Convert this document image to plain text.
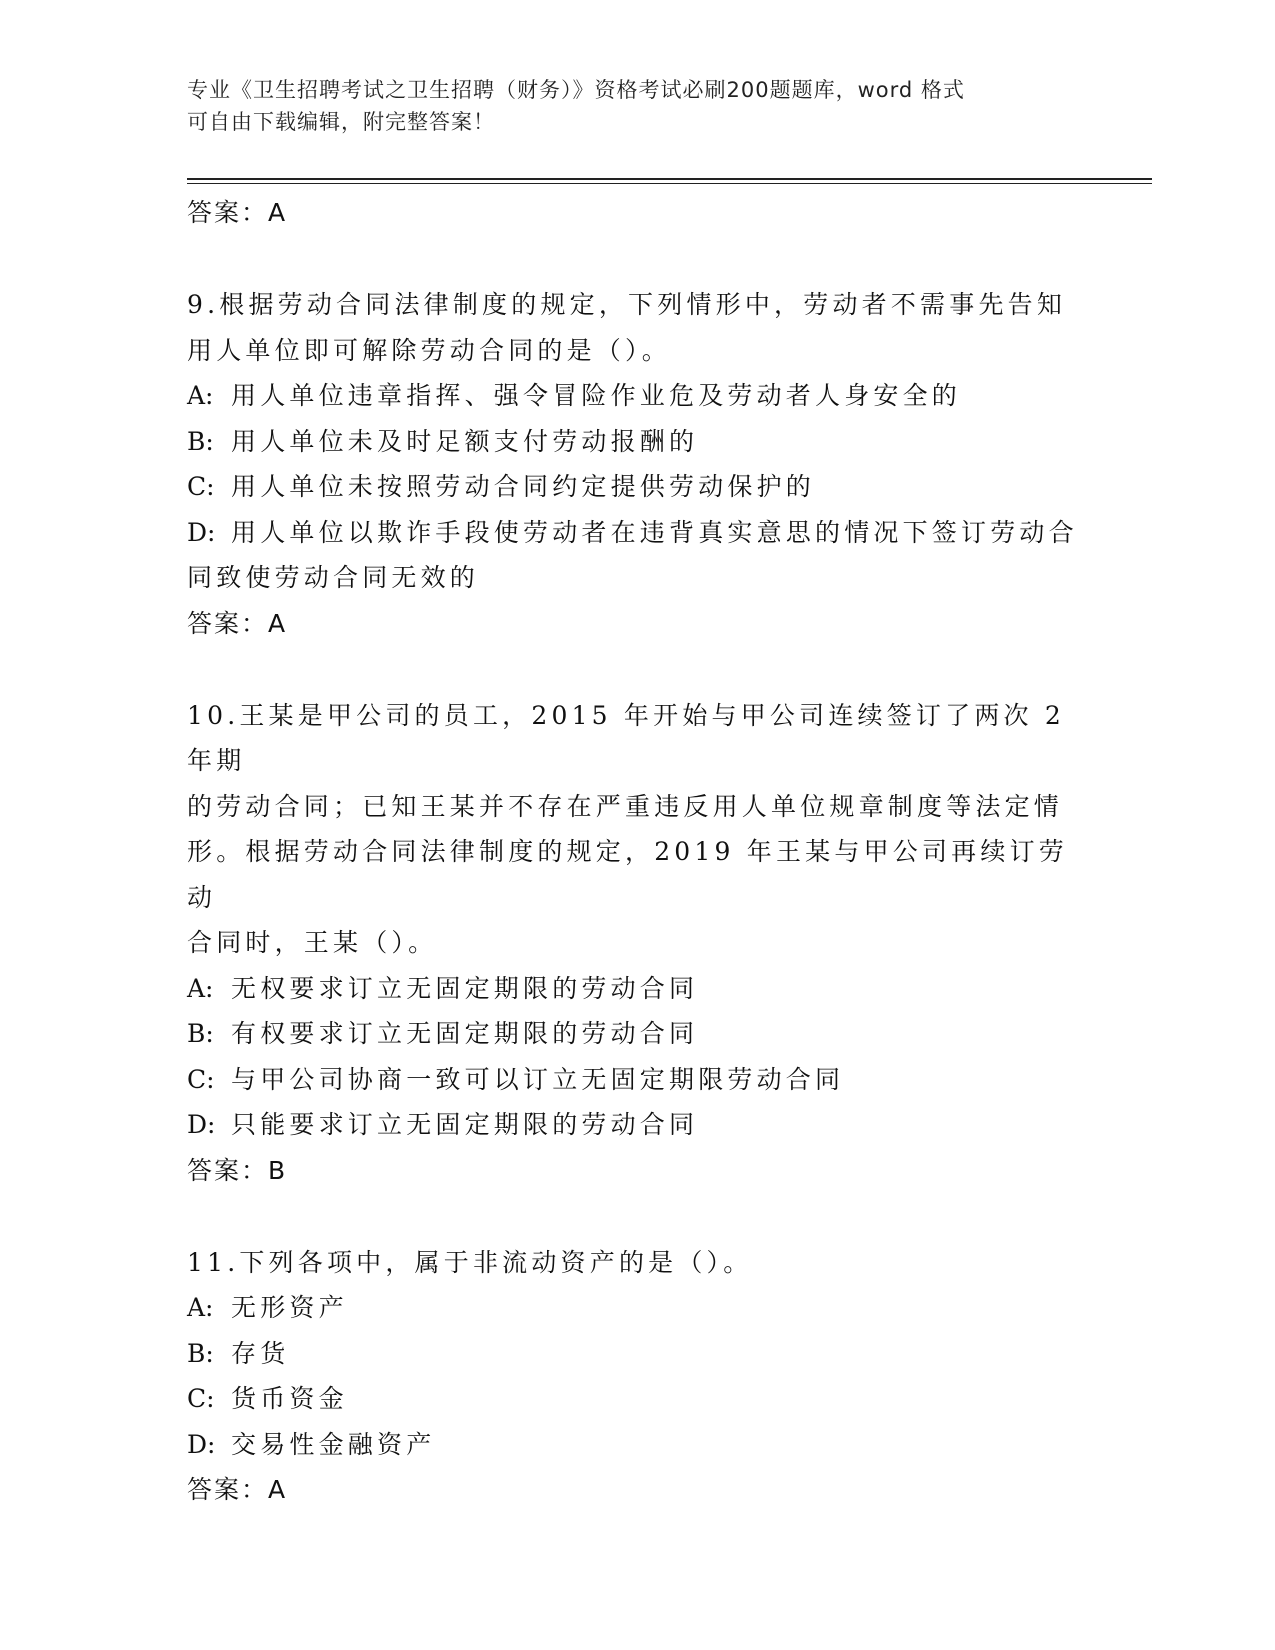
专业《卫生招聘考试之卫生招聘（财务）》资格考试必刷200题题库，word 格式
可自由下载编辑，附完整答案！
答案：A
9.根据劳动合同法律制度的规定，下列情形中，劳动者不需事先告知
用人单位即可解除劳动合同的是（）。
A: 用人单位违章指挥、强令冒险作业危及劳动者人身安全的
B: 用人单位未及时足额支付劳动报酬的
C: 用人单位未按照劳动合同约定提供劳动保护的
D: 用人单位以欺诈手段使劳动者在违背真实意思的情况下签订劳动合
同致使劳动合同无效的
答案：A
10.王某是甲公司的员工，2015 年开始与甲公司连续签订了两次 2 年期
的劳动合同；已知王某并不存在严重违反用人单位规章制度等法定情
形。根据劳动合同法律制度的规定，2019 年王某与甲公司再续订劳动
合同时，王某（）。
A: 无权要求订立无固定期限的劳动合同
B: 有权要求订立无固定期限的劳动合同
C: 与甲公司协商一致可以订立无固定期限劳动合同
D: 只能要求订立无固定期限的劳动合同
答案：B
11.下列各项中，属于非流动资产的是（）。
A: 无形资产
B: 存货
C: 货币资金
D: 交易性金融资产
答案：A
